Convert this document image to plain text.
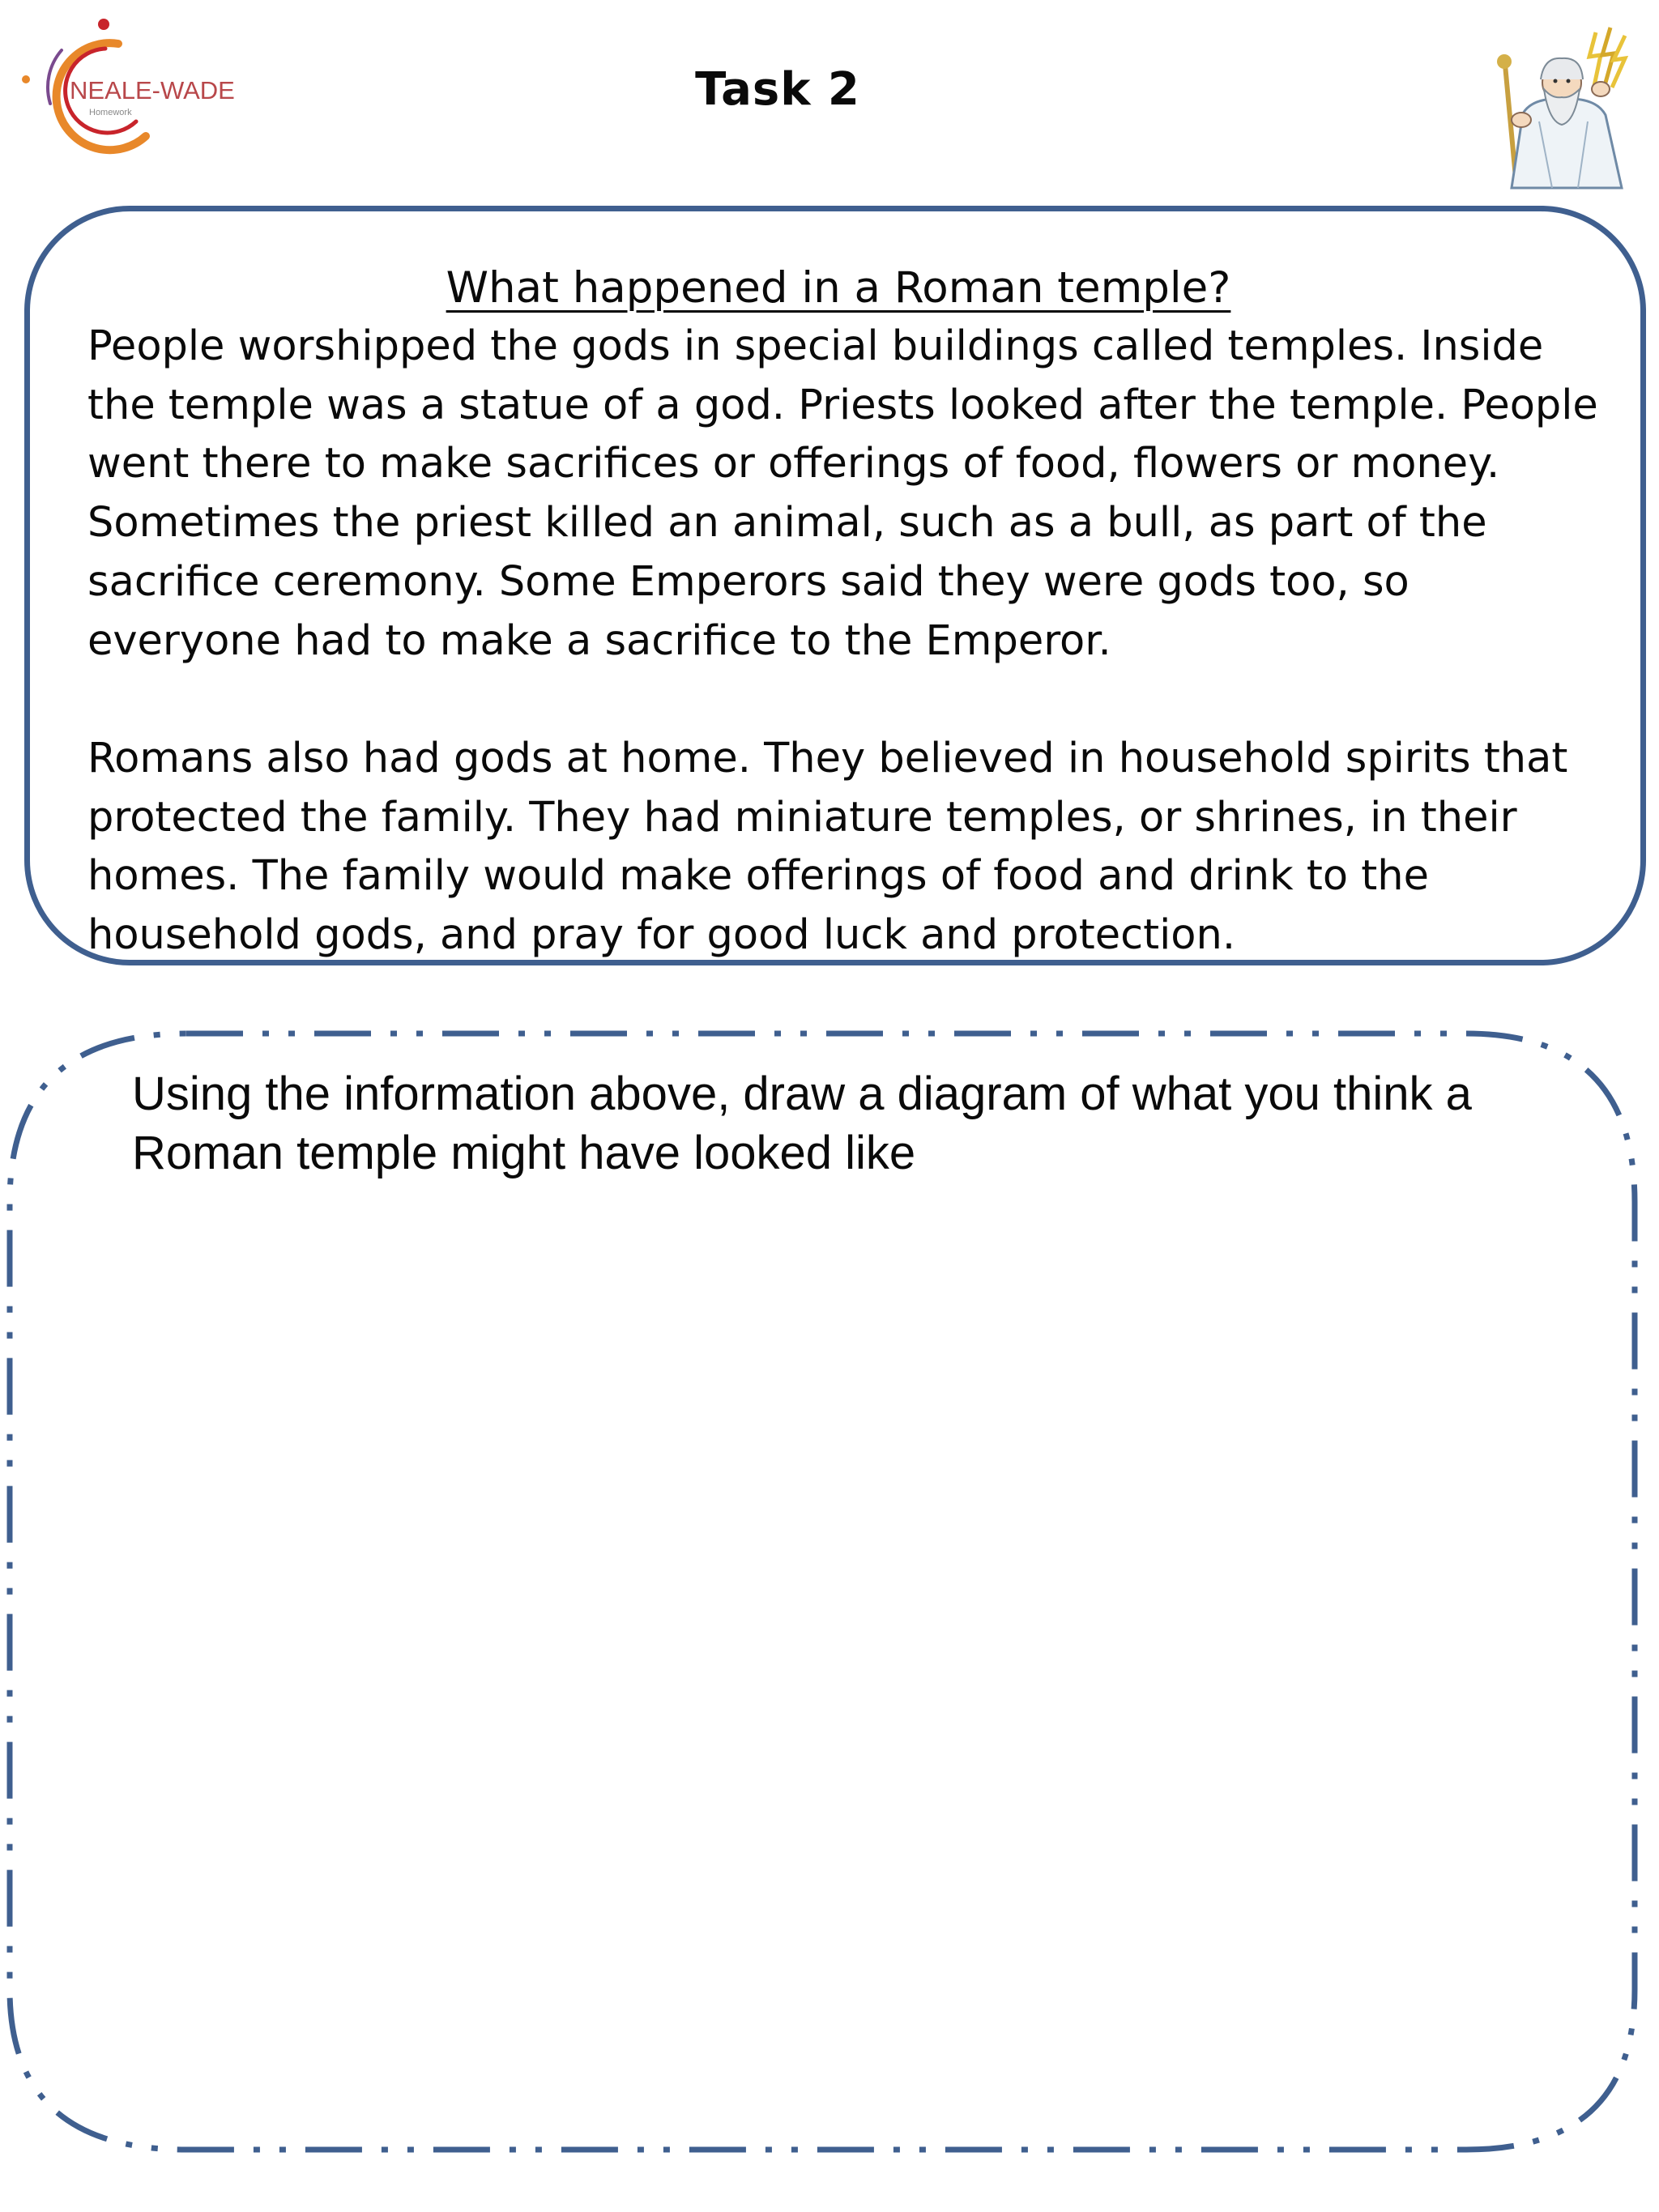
NEALE-WADE
Homework	Task 2
What happened in a Roman temple?

People worshipped the gods in special buildings called temples. Inside the temple was a statue of a god. Priests looked after the temple. People went there to make sacrifices or offerings of food, flowers or money. Sometimes the priest killed an animal, such as a bull, as part of the sacrifice ceremony. Some Emperors said they were gods too, so everyone had to make a sacrifice to the Emperor.

Romans also had gods at home. They believed in household spirits that protected the family. They had miniature temples, or shrines, in their homes. The family would make offerings of food and drink to the household gods, and pray for good luck and protection.

Using the information above, draw a diagram of what you think a Roman temple might have looked like
